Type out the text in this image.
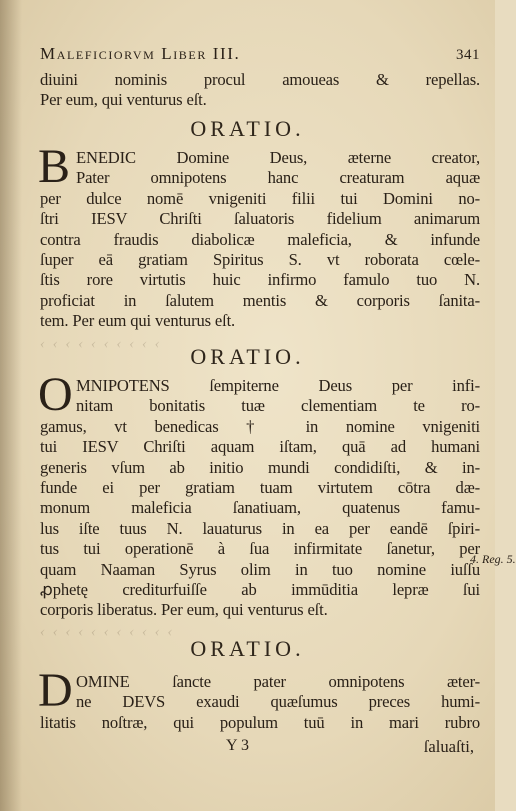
Maleficiorvm Liber III.	341
diuini nominis procul amoueas & repellas.
Per eum, qui venturus eſt.
ORATIO.
B ENEDIC Domine Deus, æterne creator,
Pater omnipotens hanc creaturam aquæ
per dulce nomē vnigeniti filii tui Domini no-
ſtri IESV Chriſti ſaluatoris fidelium animarum
contra fraudis diabolicæ maleficia, & infunde
ſuper eā gratiam Spiritus S. vt roborata cœle-
ſtis rore virtutis huic infirmo famulo tuo N.
proficiat in ſalutem mentis & corporis ſanita-
tem. Per eum qui venturus eſt.
‹ ‹ ‹ ‹ ‹ ‹ ‹ ‹ ‹ ‹	ORATIO.
O MNIPOTENS ſempiterne Deus per infi-
nitam bonitatis tuæ clementiam te ro-
gamus, vt benedicas † in nomine vnigeniti
tui IESV Chriſti aquam iſtam, quā ad humani
generis vſum ab initio mundi condidiſti, & in-
funde ei per gratiam tuam virtutem cōtra dæ-
monum maleficia ſanatiuam, quatenus famu-
lus iſte tuus N. lauaturus in ea per eandē ſpiri-
tus tui operationē à ſua infirmitate ſanetur, per
quam Naaman Syrus olim in tuo nomine iuſſu
ꝓphetę crediturfuiſſe ab immūditia lepræ ſui
corporis liberatus. Per eum, qui venturus eſt.
4. Reg. 5.
‹ ‹ ‹ ‹ ‹ ‹ ‹ ‹ ‹ ‹ ‹
ORATIO.
D OMINE ſancte pater omnipotens æter-
ne DEVS exaudi quæſumus preces humi-
litatis noſtræ, qui populum tuū in mari rubro
Y 3	ſaluaſti,
